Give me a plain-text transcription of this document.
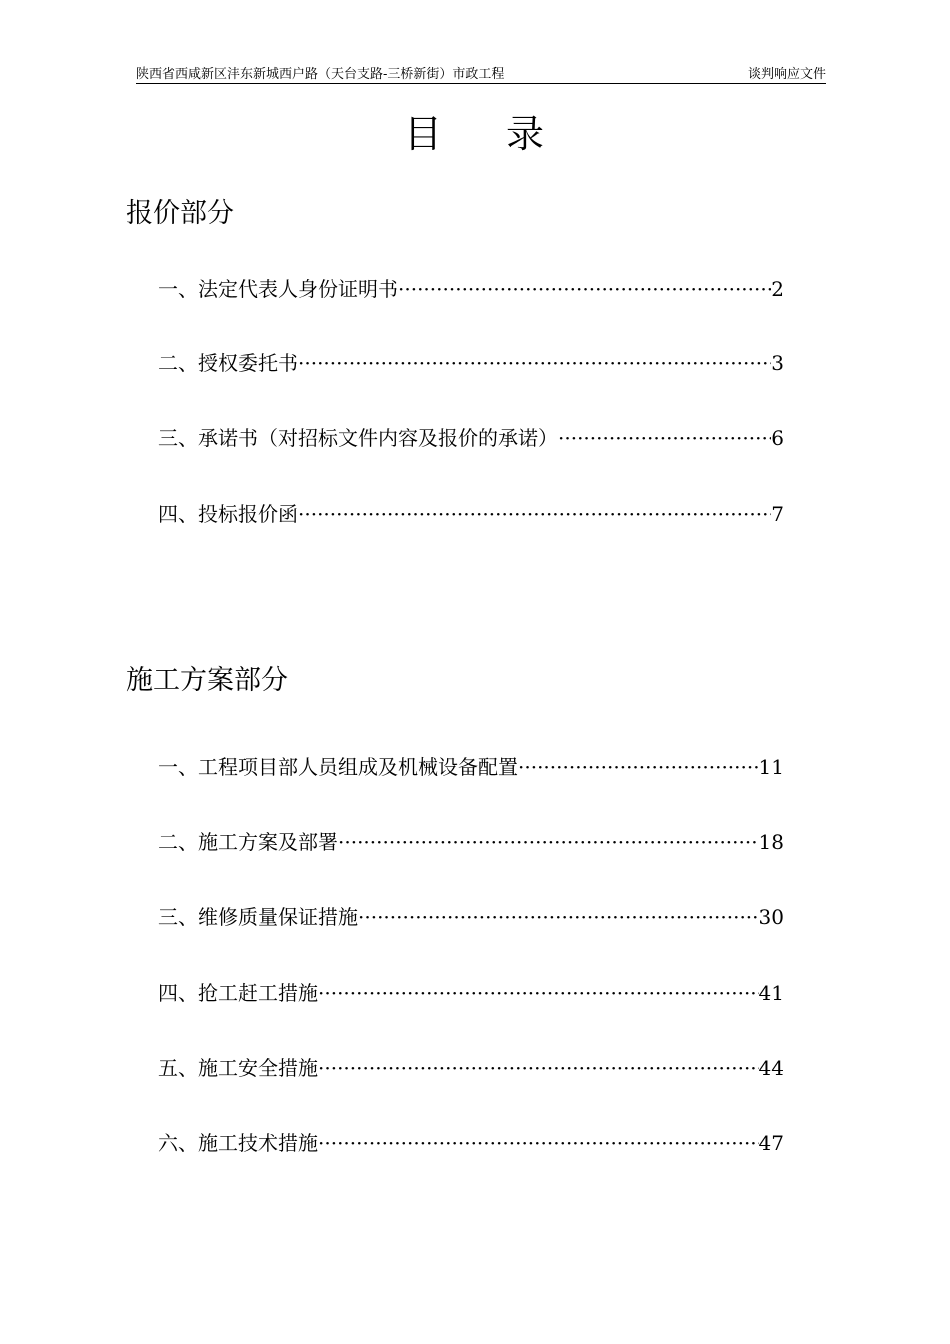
陕西省西咸新区沣东新城西户路（天台支路-三桥新街）市政工程	谈判响应文件
目 录
报价部分
一、法定代表人身份证明书 ·····	2
二、授权委托书 ·····	3
三、承诺书（对招标文件内容及报价的承诺） ·····	6
四、投标报价函 ·····	7
施工方案部分
一、工程项目部人员组成及机械设备配置 ·····	11
二、施工方案及部署 ·····	18
三、维修质量保证措施 ·····	30
四、抢工赶工措施 ·····	41
五、施工安全措施 ·····	44
六、施工技术措施 ·····	47
